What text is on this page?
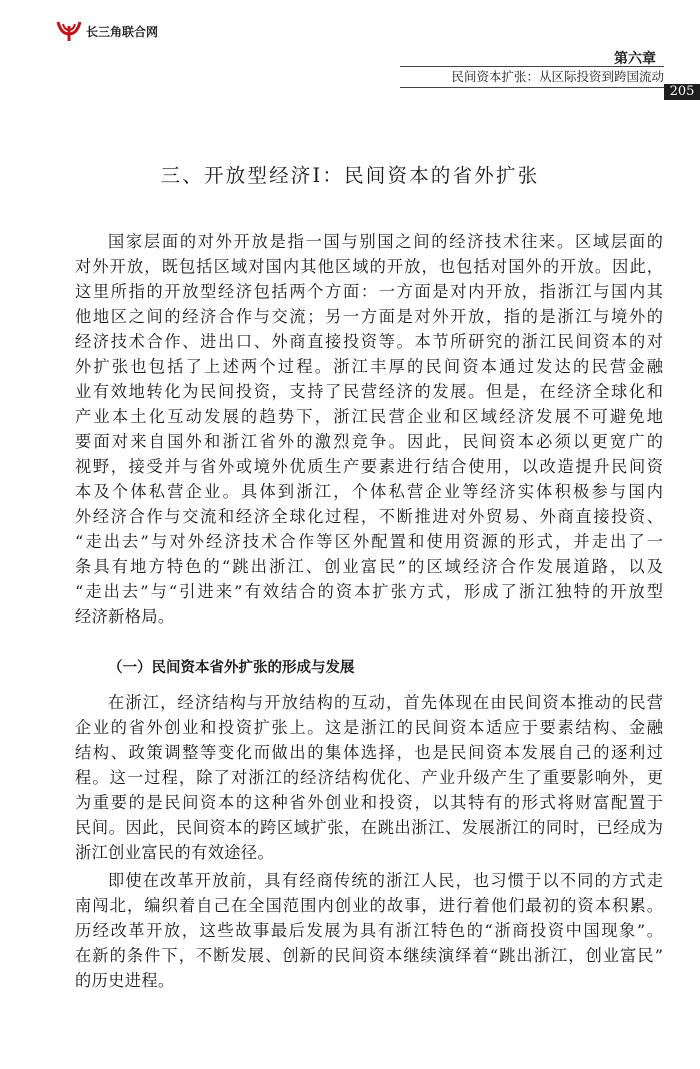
长三角联合网
第六章
民间资本扩张：从区际投资到跨国流动
205
三、开放型经济Ⅰ：民间资本的省外扩张
国家层面的对外开放是指一国与别国之间的经济技术往来。区域层面的
对外开放，既包括区域对国内其他区域的开放，也包括对国外的开放。因此，
这里所指的开放型经济包括两个方面：一方面是对内开放，指浙江与国内其
他地区之间的经济合作与交流；另一方面是对外开放，指的是浙江与境外的
经济技术合作、进出口、外商直接投资等。本节所研究的浙江民间资本的对
外扩张也包括了上述两个过程。浙江丰厚的民间资本通过发达的民营金融
业有效地转化为民间投资，支持了民营经济的发展。但是，在经济全球化和
产业本土化互动发展的趋势下，浙江民营企业和区域经济发展不可避免地
要面对来自国外和浙江省外的激烈竞争。因此，民间资本必须以更宽广的
视野，接受并与省外或境外优质生产要素进行结合使用，以改造提升民间资
本及个体私营企业。具体到浙江，个体私营企业等经济实体积极参与国内
外经济合作与交流和经济全球化过程，不断推进对外贸易、外商直接投资、
“走出去”与对外经济技术合作等区外配置和使用资源的形式，并走出了一
条具有地方特色的“跳出浙江、创业富民”的区域经济合作发展道路，以及
“走出去”与“引进来”有效结合的资本扩张方式，形成了浙江独特的开放型
经济新格局。
（一）民间资本省外扩张的形成与发展
在浙江，经济结构与开放结构的互动，首先体现在由民间资本推动的民营
企业的省外创业和投资扩张上。这是浙江的民间资本适应于要素结构、金融
结构、政策调整等变化而做出的集体选择，也是民间资本发展自己的逐利过
程。这一过程，除了对浙江的经济结构优化、产业升级产生了重要影响外，更
为重要的是民间资本的这种省外创业和投资，以其特有的形式将财富配置于
民间。因此，民间资本的跨区域扩张，在跳出浙江、发展浙江的同时，已经成为
浙江创业富民的有效途径。
即使在改革开放前，具有经商传统的浙江人民，也习惯于以不同的方式走
南闯北，编织着自己在全国范围内创业的故事，进行着他们最初的资本积累。
历经改革开放，这些故事最后发展为具有浙江特色的“浙商投资中国现象”。
在新的条件下，不断发展、创新的民间资本继续演绎着“跳出浙江，创业富民”
的历史进程。
